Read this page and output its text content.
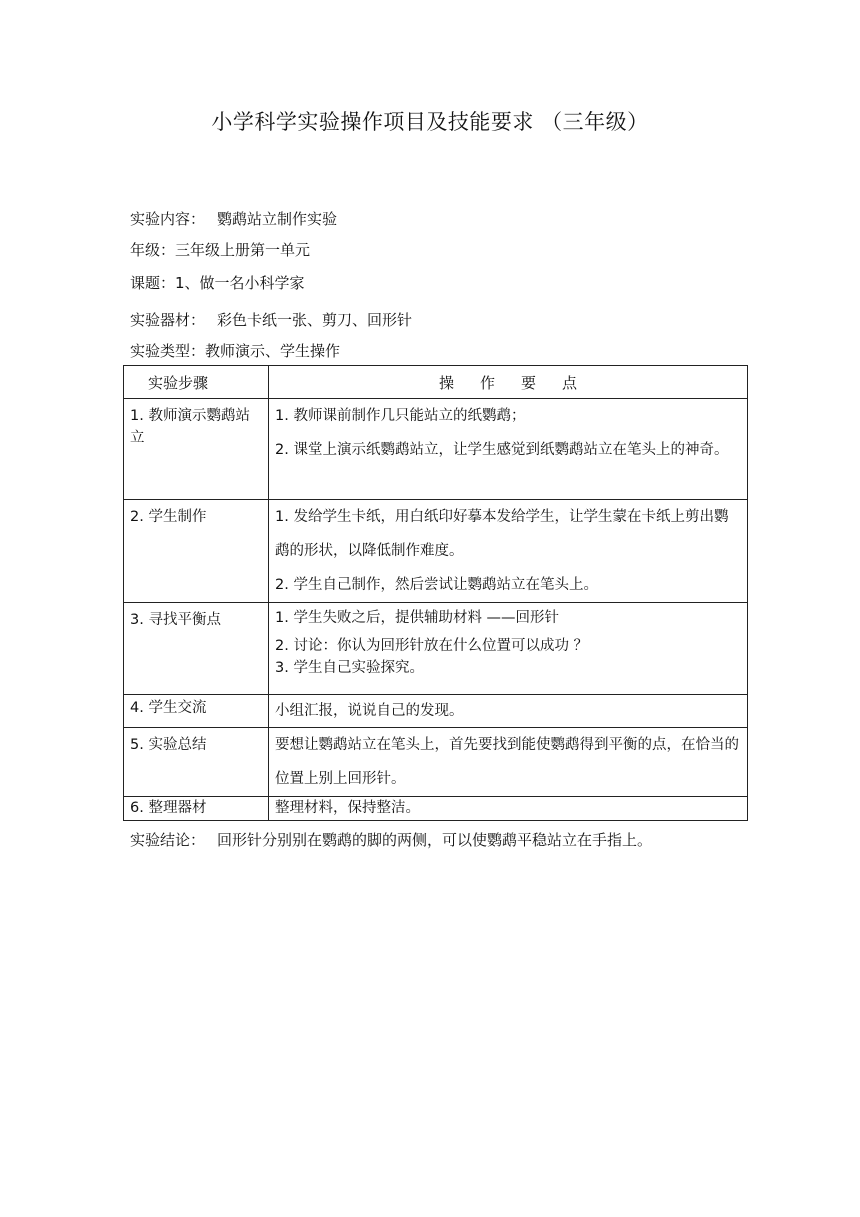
小学科学实验操作项目及技能要求 （三年级）
实验内容： 鹦鹉站立制作实验
年级：三年级上册第一单元
课题：1、做一名小科学家
实验器材： 彩色卡纸一张、剪刀、回形针
实验类型：教师演示、学生操作
实验步骤	操作要点
1. 教师演示鹦鹉站立	1. 教师课前制作几只能站立的纸鹦鹉；
2. 课堂上演示纸鹦鹉站立，让学生感觉到纸鹦鹉站立在笔头上的神奇。

2. 学生制作	1. 发给学生卡纸，用白纸印好摹本发给学生，让学生蒙在卡纸上剪出鹦鹉的形状，以降低制作难度。
2. 学生自己制作，然后尝试让鹦鹉站立在笔头上。

3. 寻找平衡点	1. 学生失败之后，提供辅助材料 ——回形针
2. 讨论：你认为回形针放在什么位置可以成功 ？
3. 学生自己实验探究。

4. 学生交流	小组汇报，说说自己的发现。

5. 实验总结	要想让鹦鹉站立在笔头上，首先要找到能使鹦鹉得到平衡的点，在恰当的位置上别上回形针。

6. 整理器材	整理材料，保持整洁。
实验结论： 回形针分别别在鹦鹉的脚的两侧，可以使鹦鹉平稳站立在手指上。
